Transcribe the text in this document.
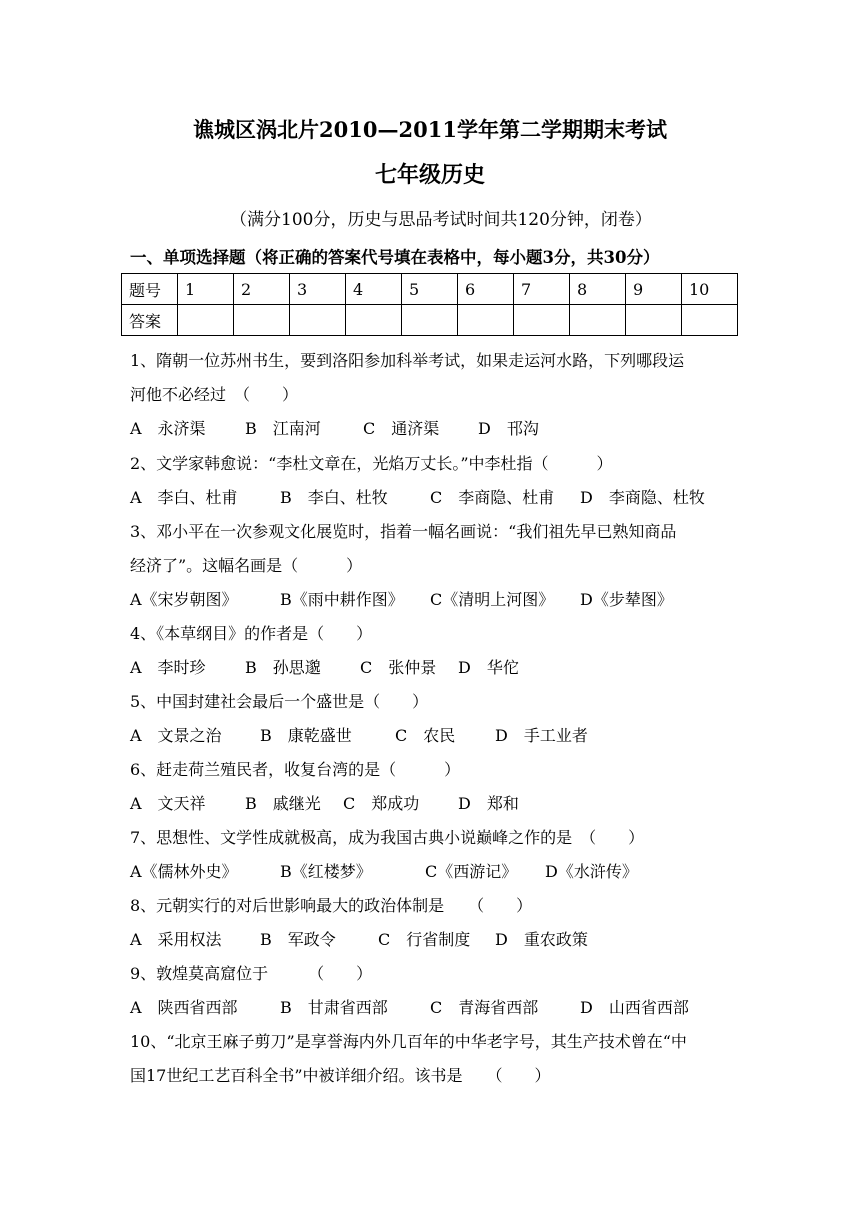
谯城区涡北片2010—2011学年第二学期期末考试
七年级历史
（满分100分，历史与思品考试时间共120分钟，闭卷）
一、单项选择题（将正确的答案代号填在表格中，每小题3分，共30分）
题号	1	2	3	4	5	6	7	8	9	10
答案										
1、隋朝一位苏州书生，要到洛阳参加科举考试，如果走运河水路，下列哪段运
河他不必经过　（　　）
A　永济渠 B　江南河	C　通济渠 D　邗沟
2、文学家韩愈说：“李杜文章在，光焰万丈长。”中李杜指（　　　）
A　李白、杜甫	B　李白、杜牧	C　李商隐、杜甫 D　李商隐、杜牧
3、邓小平在一次参观文化展览时，指着一幅名画说：“我们祖先早已熟知商品
经济了”。这幅名画是（　　　）
A《宋岁朝图》	B《雨中耕作图》 C《清明上河图》 D《步辇图》
4、《本草纲目》的作者是（　　）
A　李时珍 B　孙思邈 C　张仲景 D　华佗
5、中国封建社会最后一个盛世是（　　）
A　文景之治 B　康乾盛世	C　农民 D　手工业者
6、赶走荷兰殖民者，收复台湾的是（　　　）
A　文天祥 B　戚继光 C　郑成功 D　郑和
7、思想性、文学性成就极高，成为我国古典小说巅峰之作的是　（　　）
A《儒林外史》	B《红楼梦》	C《西游记》 D《水浒传》
8、元朝实行的对后世影响最大的政治体制是　　（　　）
A　采用权法 B　军政令	C　行省制度 D　重农政策
9、敦煌莫高窟位于　　　（　　）
A　陕西省西部	B　甘肃省西部	C　青海省西部	D　山西省西部
10、“北京王麻子剪刀”是享誉海内外几百年的中华老字号，其生产技术曾在“中
国17世纪工艺百科全书”中被详细介绍。该书是　　（　　）
